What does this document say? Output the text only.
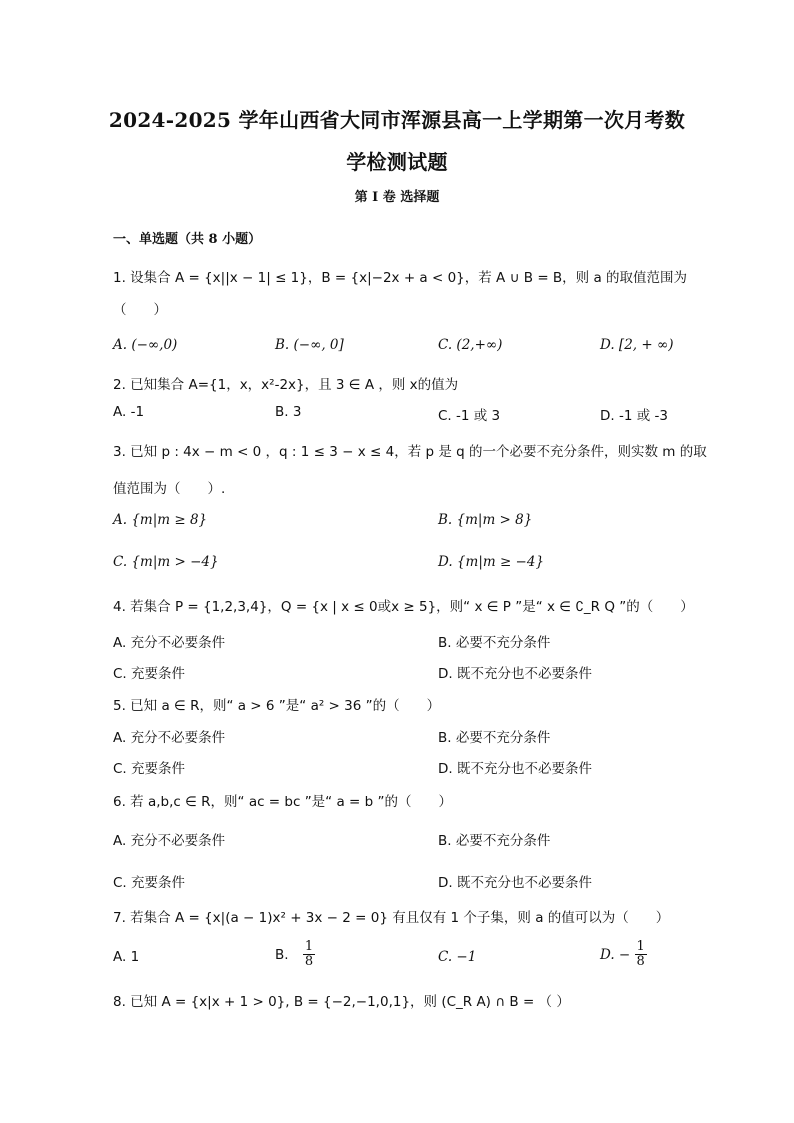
2024-2025 学年山西省大同市浑源县高一上学期第一次月考数
学检测试题
第 I 卷 选择题
一、单选题（共 8 小题）
1. 设集合 A = {x||x − 1| ≤ 1}，B = {x|−2x + a < 0}，若 A ∪ B = B，则 a 的取值范围为
（　　）
A. (−∞,0)	B. (−∞, 0]	C. (2,+∞)	D. [2, + ∞)
2. 已知集合 A={1，x，x²-2x}，且 3 ∈ A ，则 x的值为
A. -1	B. 3	C. -1 或 3	D. -1 或 -3
3. 已知 p : 4x − m < 0 ，q : 1 ≤ 3 − x ≤ 4，若 p 是 q 的一个必要不充分条件，则实数 m 的取
值范围为（　　）.
A. {m|m ≥ 8}	B. {m|m > 8}
C. {m|m > −4}	D. {m|m ≥ −4}
4. 若集合 P = {1,2,3,4}，Q = {x | x ≤ 0或x ≥ 5}，则“ x ∈ P ”是“ x ∈ ∁_R Q ”的（　　）
A. 充分不必要条件	B. 必要不充分条件
C. 充要条件	D. 既不充分也不必要条件
5. 已知 a ∈ R，则“ a > 6 ”是“ a² > 36 ”的（　　）
A. 充分不必要条件	B. 必要不充分条件
C. 充要条件	D. 既不充分也不必要条件
6. 若 a,b,c ∈ R，则“ ac = bc ”是“ a = b ”的（　　）
A. 充分不必要条件	B. 必要不充分条件
C. 充要条件	D. 既不充分也不必要条件
7. 若集合 A = {x|(a − 1)x² + 3x − 2 = 0} 有且仅有 1 个子集，则 a 的值可以为（　　）
A. 1	B. $\frac{1}{8}$	C. −1	D. − $\frac{1}{8}$
8. 已知 A = {x|x + 1 > 0}, B = {−2,−1,0,1}，则 (C_R A) ∩ B = （ ）
